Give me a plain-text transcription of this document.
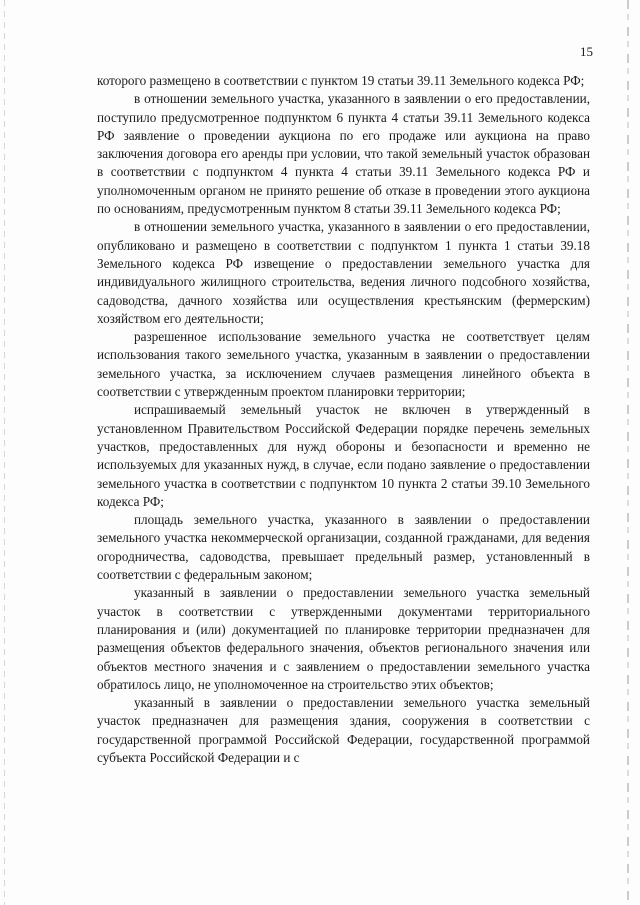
15

которого размещено в соответствии с пунктом 19 статьи 39.11 Земельного кодекса РФ;

в отношении земельного участка, указанного в заявлении о его предоставлении, поступило предусмотренное подпунктом 6 пункта 4 статьи 39.11 Земельного кодекса РФ заявление о проведении аукциона по его продаже или аукциона на право заключения договора его аренды при условии, что такой земельный участок образован в соответствии с подпунктом 4 пункта 4 статьи 39.11 Земельного кодекса РФ и уполномоченным органом не принято решение об отказе в проведении этого аукциона по основаниям, предусмотренным пунктом 8 статьи 39.11 Земельного кодекса РФ;

в отношении земельного участка, указанного в заявлении о его предоставлении, опубликовано и размещено в соответствии с подпунктом 1 пункта 1 статьи 39.18 Земельного кодекса РФ извещение о предоставлении земельного участка для индивидуального жилищного строительства, ведения личного подсобного хозяйства, садоводства, дачного хозяйства или осуществления крестьянским (фермерским) хозяйством его деятельности;

разрешенное использование земельного участка не соответствует целям использования такого земельного участка, указанным в заявлении о предоставлении земельного участка, за исключением случаев размещения линейного объекта в соответствии с утвержденным проектом планировки территории;

испрашиваемый земельный участок не включен в утвержденный в установленном Правительством Российской Федерации порядке перечень земельных участков, предоставленных для нужд обороны и безопасности и временно не используемых для указанных нужд, в случае, если подано заявление о предоставлении земельного участка в соответствии с подпунктом 10 пункта 2 статьи 39.10 Земельного кодекса РФ;

площадь земельного участка, указанного в заявлении о предоставлении земельного участка некоммерческой организации, созданной гражданами, для ведения огородничества, садоводства, превышает предельный размер, установленный в соответствии с федеральным законом;

указанный в заявлении о предоставлении земельного участка земельный участок в соответствии с утвержденными документами территориального планирования и (или) документацией по планировке территории предназначен для размещения объектов федерального значения, объектов регионального значения или объектов местного значения и с заявлением о предоставлении земельного участка обратилось лицо, не уполномоченное на строительство этих объектов;

указанный в заявлении о предоставлении земельного участка земельный участок предназначен для размещения здания, сооружения в соответствии с государственной программой Российской Федерации, государственной программой субъекта Российской Федерации и с
